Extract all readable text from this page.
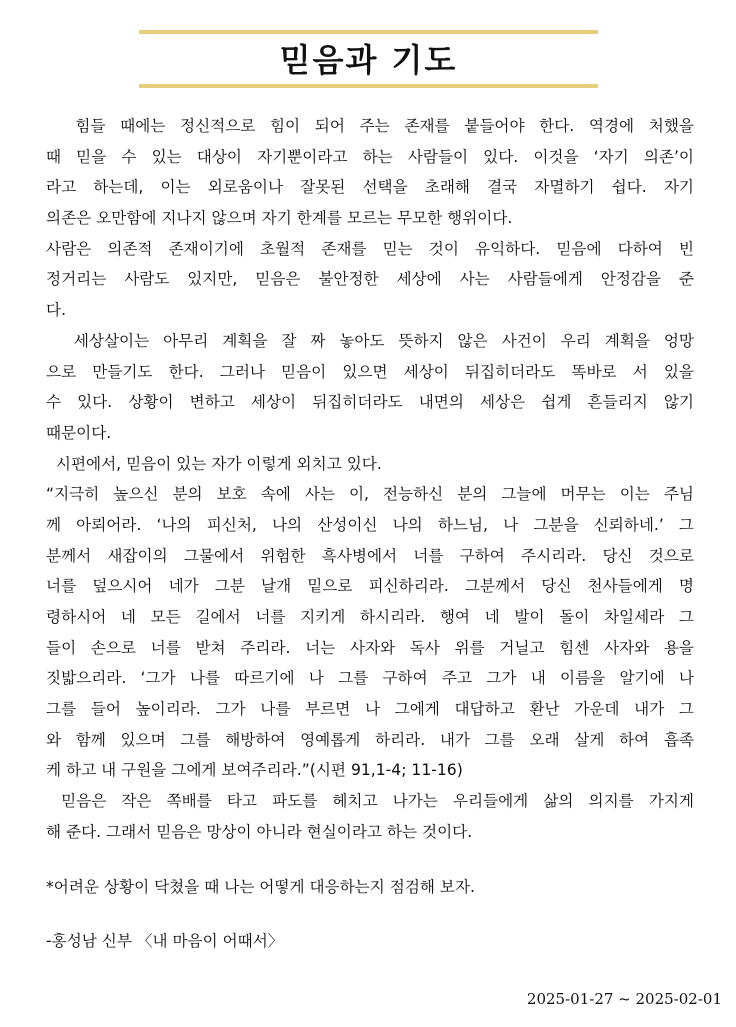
믿음과 기도
힘들 때에는 정신적으로 힘이 되어 주는 존재를 붙들어야 한다. 역경에 처했을
때 믿을 수 있는 대상이 자기뿐이라고 하는 사람들이 있다. 이것을 ‘자기 의존’이
라고 하는데, 이는 외로움이나 잘못된 선택을 초래해 결국 자멸하기 쉽다. 자기
의존은 오만함에 지나지 않으며 자기 한계를 모르는 무모한 행위이다.
사람은 의존적 존재이기에 초월적 존재를 믿는 것이 유익하다. 믿음에 다하여 빈
정거리는 사람도 있지만, 믿음은 불안정한 세상에 사는 사람들에게 안정감을 준
다.
세상살이는 아무리 계획을 잘 짜 놓아도 뜻하지 않은 사건이 우리 계획을 엉망
으로 만들기도 한다. 그러나 믿음이 있으면 세상이 뒤집히더라도 똑바로 서 있을
수 있다. 상황이 변하고 세상이 뒤집히더라도 내면의 세상은 쉽게 흔들리지 않기
때문이다.
시편에서, 믿음이 있는 자가 이렇게 외치고 있다.
“지극히 높으신 분의 보호 속에 사는 이, 전능하신 분의 그늘에 머무는 이는 주님
께 아뢰어라. ‘나의 피신처, 나의 산성이신 나의 하느님, 나 그분을 신뢰하네.’ 그
분께서 새잡이의 그물에서 위험한 흑사병에서 너를 구하여 주시리라. 당신 것으로
너를 덮으시어 네가 그분 날개 밑으로 피신하리라. 그분께서 당신 천사들에게 명
령하시어 네 모든 길에서 너를 지키게 하시리라. 행여 네 발이 돌이 차일세라 그
들이 손으로 너를 받쳐 주리라. 너는 사자와 독사 위를 거닐고 힘센 사자와 용을
짓밟으리라. ‘그가 나를 따르기에 나 그를 구하여 주고 그가 내 이름을 알기에 나
그를 들어 높이리라. 그가 나를 부르면 나 그에게 대답하고 환난 가운데 내가 그
와 함께 있으며 그를 해방하여 영예롭게 하리라. 내가 그를 오래 살게 하여 흡족
케 하고 내 구원을 그에게 보여주리라.”(시편 91,1-4; 11-16)
믿음은 작은 쪽배를 타고 파도를 헤치고 나가는 우리들에게 삶의 의지를 가지게
해 준다. 그래서 믿음은 망상이 아니라 현실이라고 하는 것이다.
*어려운 상황이 닥쳤을 때 나는 어떻게 대응하는지 점검해 보자.
-홍성남 신부 〈내 마음이 어때서〉
2025-01-27 ~ 2025-02-01
